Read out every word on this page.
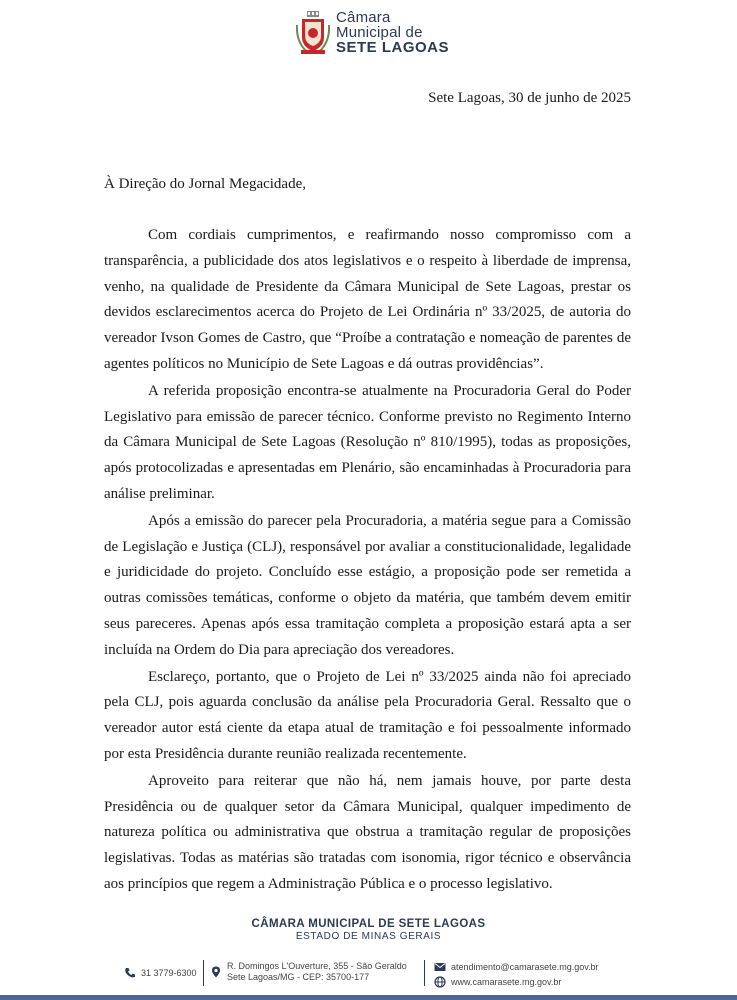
Câmara
Municipal de
SETE LAGOAS
Sete Lagoas, 30 de junho de 2025
À Direção do Jornal Megacidade,

Com cordiais cumprimentos, e reafirmando nosso compromisso com a transparência, a publicidade dos atos legislativos e o respeito à liberdade de imprensa, venho, na qualidade de Presidente da Câmara Municipal de Sete Lagoas, prestar os devidos esclarecimentos acerca do Projeto de Lei Ordinária nº 33/2025, de autoria do vereador Ivson Gomes de Castro, que “Proíbe a contratação e nomeação de parentes de agentes políticos no Município de Sete Lagoas e dá outras providências”.

A referida proposição encontra-se atualmente na Procuradoria Geral do Poder Legislativo para emissão de parecer técnico. Conforme previsto no Regimento Interno da Câmara Municipal de Sete Lagoas (Resolução nº 810/1995), todas as proposições, após protocolizadas e apresentadas em Plenário, são encaminhadas à Procuradoria para análise preliminar.

Após a emissão do parecer pela Procuradoria, a matéria segue para a Comissão de Legislação e Justiça (CLJ), responsável por avaliar a constitucionalidade, legalidade e juridicidade do projeto. Concluído esse estágio, a proposição pode ser remetida a outras comissões temáticas, conforme o objeto da matéria, que também devem emitir seus pareceres. Apenas após essa tramitação completa a proposição estará apta a ser incluída na Ordem do Dia para apreciação dos vereadores.

Esclareço, portanto, que o Projeto de Lei nº 33/2025 ainda não foi apreciado pela CLJ, pois aguarda conclusão da análise pela Procuradoria Geral. Ressalto que o vereador autor está ciente da etapa atual de tramitação e foi pessoalmente informado por esta Presidência durante reunião realizada recentemente.

Aproveito para reiterar que não há, nem jamais houve, por parte desta Presidência ou de qualquer setor da Câmara Municipal, qualquer impedimento de natureza política ou administrativa que obstrua a tramitação regular de proposições legislativas. Todas as matérias são tratadas com isonomia, rigor técnico e observância aos princípios que regem a Administração Pública e o processo legislativo.

CÂMARA MUNICIPAL DE SETE LAGOAS
ESTADO DE MINAS GERAIS
31 3779-6300
R. Domingos L'Ouverture, 355 - São Geraldo
Sete Lagoas/MG - CEP: 35700-177
atendimento@camarasete.mg.gov.br
www.camarasete.mg.gov.br
